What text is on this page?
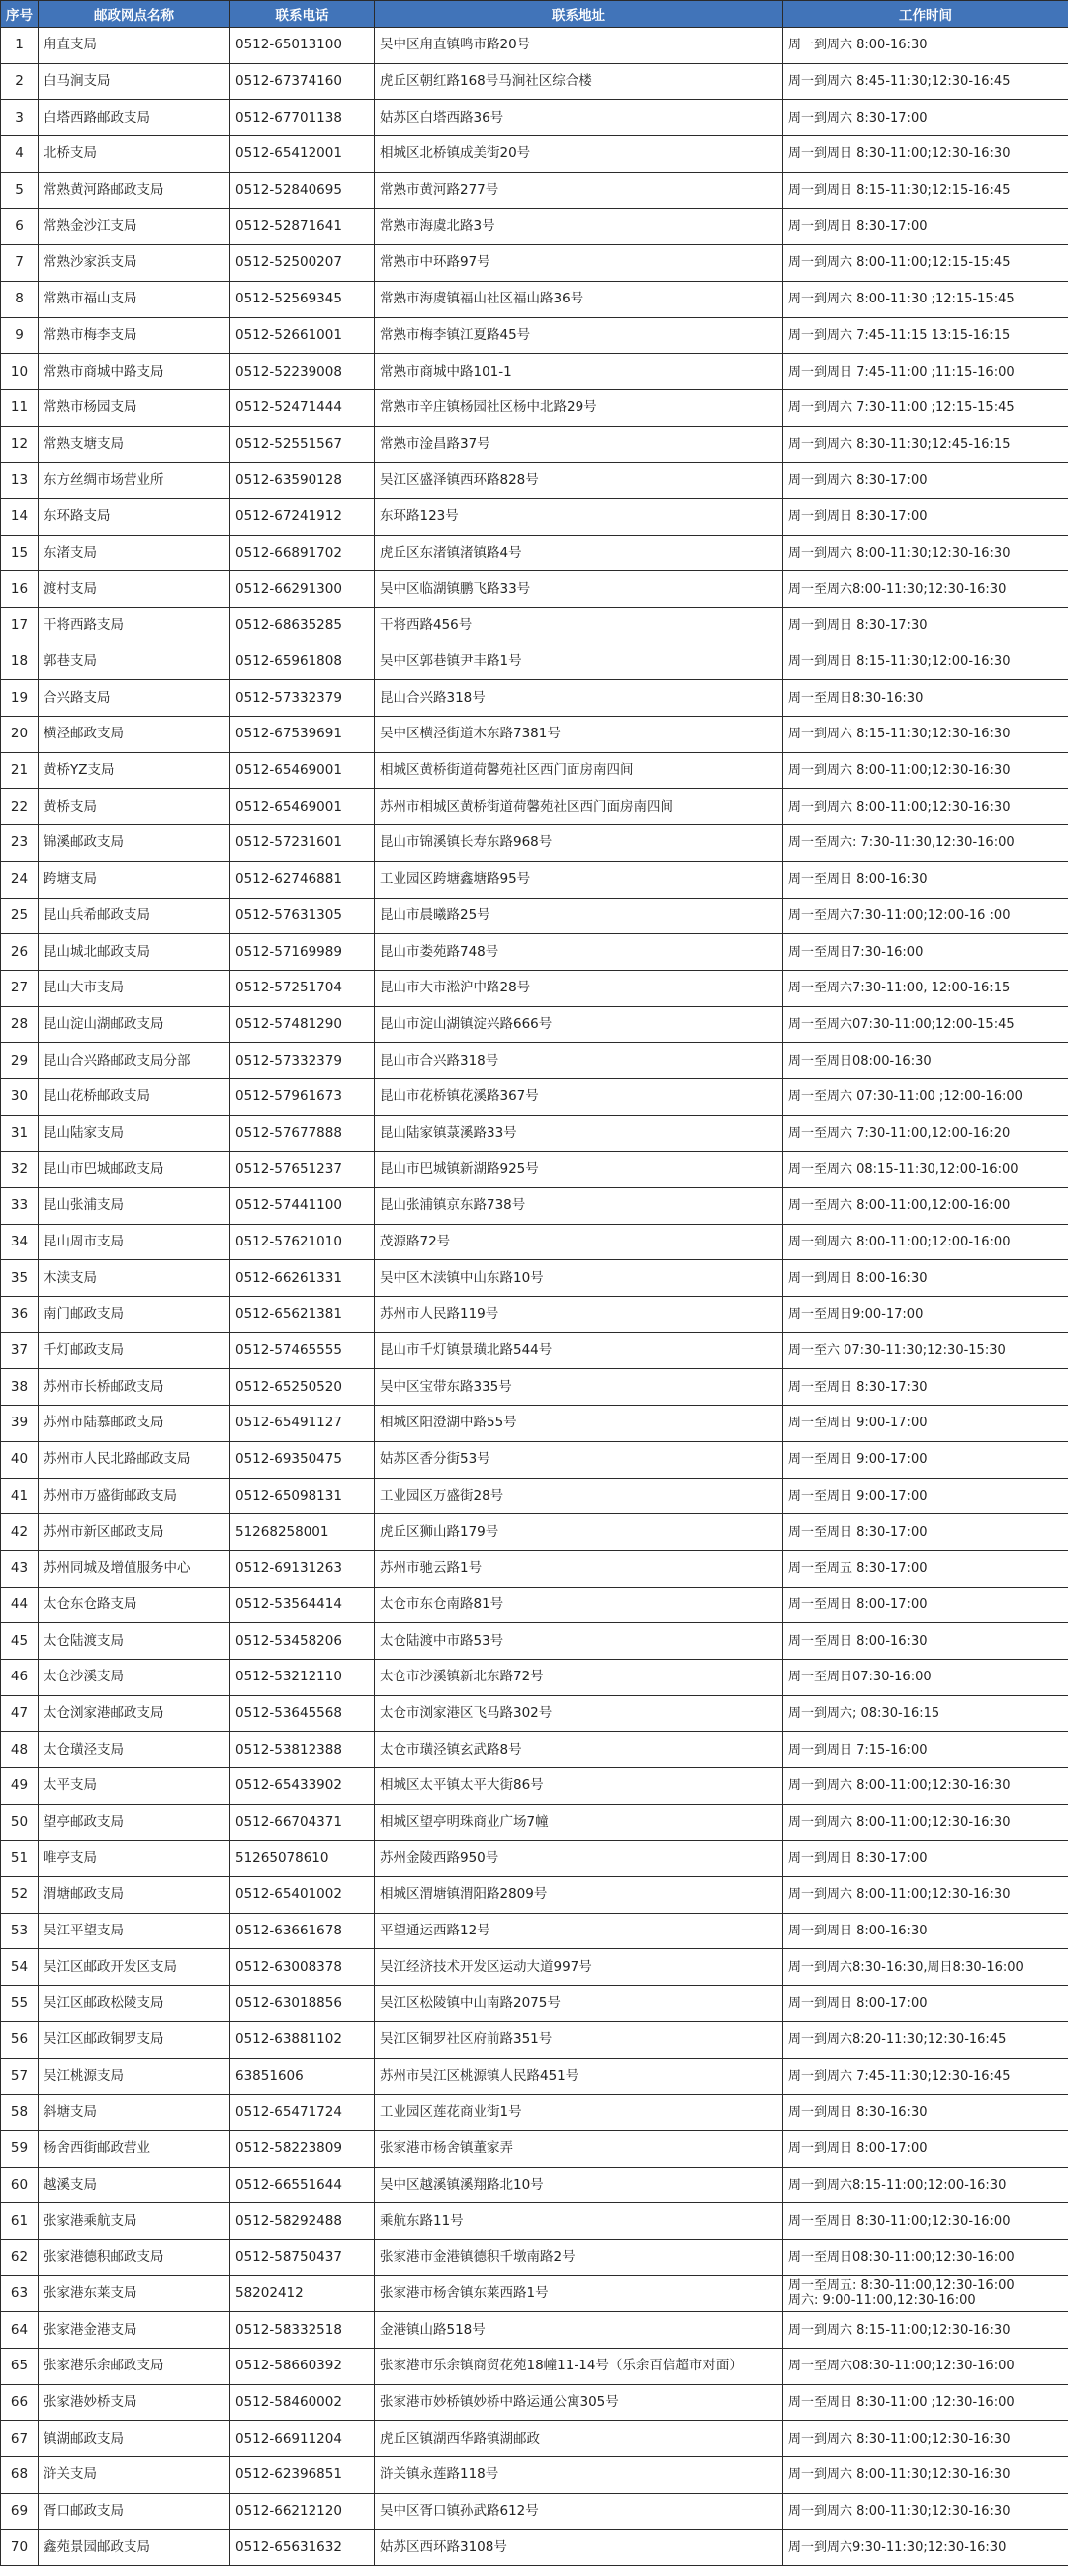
序号	邮政网点名称	联系电话	联系地址	工作时间
1	甪直支局	0512-65013100	吴中区甪直镇鸣市路20号	周一到周六 8:00-16:30
2	白马涧支局	0512-67374160	虎丘区朝红路168号马涧社区综合楼	周一到周六 8:45-11:30;12:30-16:45
3	白塔西路邮政支局	0512-67701138	姑苏区白塔西路36号	周一到周六 8:30-17:00
4	北桥支局	0512-65412001	相城区北桥镇成美街20号	周一到周日 8:30-11:00;12:30-16:30
5	常熟黄河路邮政支局	0512-52840695	常熟市黄河路277号	周一到周日 8:15-11:30;12:15-16:45
6	常熟金沙江支局	0512-52871641	常熟市海虞北路3号	周一到周日 8:30-17:00
7	常熟沙家浜支局	0512-52500207	常熟市中环路97号	周一到周六 8:00-11:00;12:15-15:45
8	常熟市福山支局	0512-52569345	常熟市海虞镇福山社区福山路36号	周一到周六 8:00-11:30 ;12:15-15:45
9	常熟市梅李支局	0512-52661001	常熟市梅李镇江夏路45号	周一到周六 7:45-11:15 13:15-16:15
10	常熟市商城中路支局	0512-52239008	常熟市商城中路101-1	周一到周日 7:45-11:00 ;11:15-16:00
11	常熟市杨园支局	0512-52471444	常熟市辛庄镇杨园社区杨中北路29号	周一到周六 7:30-11:00 ;12:15-15:45
12	常熟支塘支局	0512-52551567	常熟市淦昌路37号	周一到周六 8:30-11:30;12:45-16:15
13	东方丝绸市场营业所	0512-63590128	吴江区盛泽镇西环路828号	周一到周六 8:30-17:00
14	东环路支局	0512-67241912	东环路123号	周一到周日 8:30-17:00
15	东渚支局	0512-66891702	虎丘区东渚镇渚镇路4号	周一到周六 8:00-11:30;12:30-16:30
16	渡村支局	0512-66291300	吴中区临湖镇鹏飞路33号	周一至周六8:00-11:30;12:30-16:30
17	干将西路支局	0512-68635285	干将西路456号	周一到周日 8:30-17:30
18	郭巷支局	0512-65961808	吴中区郭巷镇尹丰路1号	周一到周日 8:15-11:30;12:00-16:30
19	合兴路支局	0512-57332379	昆山合兴路318号	周一至周日8:30-16:30
20	横泾邮政支局	0512-67539691	吴中区横泾街道木东路7381号	周一到周六 8:15-11:30;12:30-16:30
21	黄桥YZ支局	0512-65469001	相城区黄桥街道荷馨苑社区西门面房南四间	周一到周六 8:00-11:00;12:30-16:30
22	黄桥支局	0512-65469001	苏州市相城区黄桥街道荷馨苑社区西门面房南四间	周一到周六 8:00-11:00;12:30-16:30
23	锦溪邮政支局	0512-57231601	昆山市锦溪镇长寿东路968号	周一至周六: 7:30-11:30,12:30-16:00
24	跨塘支局	0512-62746881	工业园区跨塘鑫塘路95号	周一至周日 8:00-16:30
25	昆山兵希邮政支局	0512-57631305	昆山市晨曦路25号	周一至周六7:30-11:00;12:00-16 :00
26	昆山城北邮政支局	0512-57169989	昆山市娄苑路748号	周一至周日7:30-16:00
27	昆山大市支局	0512-57251704	昆山市大市淞沪中路28号	周一至周六7:30-11:00, 12:00-16:15
28	昆山淀山湖邮政支局	0512-57481290	昆山市淀山湖镇淀兴路666号	周一至周六07:30-11:00;12:00-15:45
29	昆山合兴路邮政支局分部	0512-57332379	昆山市合兴路318号	周一至周日08:00-16:30
30	昆山花桥邮政支局	0512-57961673	昆山市花桥镇花溪路367号	周一至周六 07:30-11:00 ;12:00-16:00
31	昆山陆家支局	0512-57677888	昆山陆家镇菉溪路33号	周一至周六 7:30-11:00,12:00-16:20
32	昆山市巴城邮政支局	0512-57651237	昆山市巴城镇新湖路925号	周一至周六 08:15-11:30,12:00-16:00
33	昆山张浦支局	0512-57441100	昆山张浦镇京东路738号	周一至周六 8:00-11:00,12:00-16:00
34	昆山周市支局	0512-57621010	茂源路72号	周一到周六 8:00-11:00;12:00-16:00
35	木渎支局	0512-66261331	吴中区木渎镇中山东路10号	周一到周日 8:00-16:30
36	南门邮政支局	0512-65621381	苏州市人民路119号	周一至周日9:00-17:00
37	千灯邮政支局	0512-57465555	昆山市千灯镇景璜北路544号	周一至六 07:30-11:30;12:30-15:30
38	苏州市长桥邮政支局	0512-65250520	吴中区宝带东路335号	周一至周日 8:30-17:30
39	苏州市陆慕邮政支局	0512-65491127	相城区阳澄湖中路55号	周一至周日 9:00-17:00
40	苏州市人民北路邮政支局	0512-69350475	姑苏区香分街53号	周一至周日 9:00-17:00
41	苏州市万盛街邮政支局	0512-65098131	工业园区万盛街28号	周一至周日 9:00-17:00
42	苏州市新区邮政支局	51268258001	虎丘区狮山路179号	周一至周日 8:30-17:00
43	苏州同城及增值服务中心	0512-69131263	苏州市驰云路1号	周一至周五 8:30-17:00
44	太仓东仓路支局	0512-53564414	太仓市东仓南路81号	周一至周日 8:00-17:00
45	太仓陆渡支局	0512-53458206	太仓陆渡中市路53号	周一至周日 8:00-16:30
46	太仓沙溪支局	0512-53212110	太仓市沙溪镇新北东路72号	周一至周日07:30-16:00
47	太仓浏家港邮政支局	0512-53645568	太仓市浏家港区飞马路302号	周一到周六; 08:30-16:15
48	太仓璜泾支局	0512-53812388	太仓市璜泾镇玄武路8号	周一到周日 7:15-16:00
49	太平支局	0512-65433902	相城区太平镇太平大街86号	周一到周六 8:00-11:00;12:30-16:30
50	望亭邮政支局	0512-66704371	相城区望亭明珠商业广场7幢	周一到周六 8:00-11:00;12:30-16:30
51	唯亭支局	51265078610	苏州金陵西路950号	周一到周日 8:30-17:00
52	渭塘邮政支局	0512-65401002	相城区渭塘镇渭阳路2809号	周一到周六 8:00-11:00;12:30-16:30
53	吴江平望支局	0512-63661678	平望通运西路12号	周一到周日 8:00-16:30
54	吴江区邮政开发区支局	0512-63008378	吴江经济技术开发区运动大道997号	周一到周六8:30-16:30,周日8:30-16:00
55	吴江区邮政松陵支局	0512-63018856	吴江区松陵镇中山南路2075号	周一到周日 8:00-17:00
56	吴江区邮政铜罗支局	0512-63881102	吴江区铜罗社区府前路351号	周一到周六8:20-11:30;12:30-16:45
57	吴江桃源支局	63851606	苏州市吴江区桃源镇人民路451号	周一到周六 7:45-11:30;12:30-16:45
58	斜塘支局	0512-65471724	工业园区莲花商业街1号	周一到周日 8:30-16:30
59	杨舍西街邮政营业	0512-58223809	张家港市杨舍镇董家弄	周一到周日 8:00-17:00
60	越溪支局	0512-66551644	吴中区越溪镇溪翔路北10号	周一到周六8:15-11:00;12:00-16:30
61	张家港乘航支局	0512-58292488	乘航东路11号	周一至周日 8:30-11:00;12:30-16:00
62	张家港德积邮政支局	0512-58750437	张家港市金港镇德积千墩南路2号	周一至周日08:30-11:00;12:30-16:00
63	张家港东莱支局	58202412	张家港市杨舍镇东莱西路1号	周一至周五: 8:30-11:00,12:30-16:00
周六: 9:00-11:00,12:30-16:00
64	张家港金港支局	0512-58332518	金港镇山路518号	周一到周六 8:15-11:00;12:30-16:30
65	张家港乐余邮政支局	0512-58660392	张家港市乐余镇商贸花苑18幢11-14号（乐余百信超市对面）	周一至周六08:30-11:00;12:30-16:00
66	张家港妙桥支局	0512-58460002	张家港市妙桥镇妙桥中路运通公寓305号	周一至周日 8:30-11:00 ;12:30-16:00
67	镇湖邮政支局	0512-66911204	虎丘区镇湖西华路镇湖邮政	周一到周六 8:30-11:00;12:30-16:30
68	浒关支局	0512-62396851	浒关镇永莲路118号	周一到周六 8:00-11:30;12:30-16:30
69	胥口邮政支局	0512-66212120	吴中区胥口镇孙武路612号	周一到周六 8:00-11:30;12:30-16:30
70	鑫苑景园邮政支局	0512-65631632	姑苏区西环路3108号	周一到周六9:30-11:30;12:30-16:30
